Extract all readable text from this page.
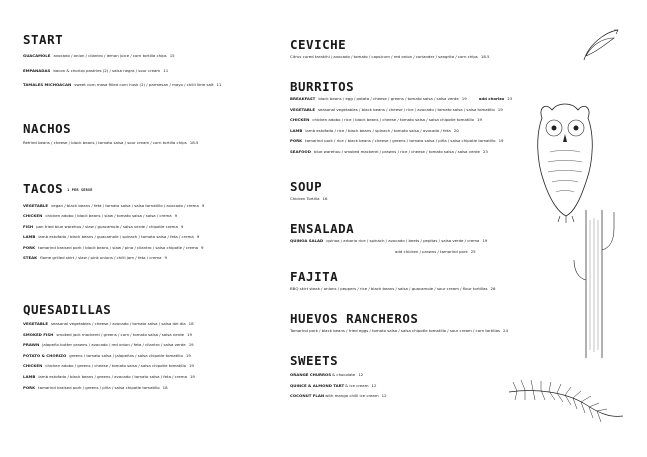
START
GUACAMOLE avocado / onion / cilantro / lemon juice / corn tortilla chips 15
EMPANADAS bacon & chorizo pastries (2) / salsa negra / sour cream 11
TAMALES MICHOACAN sweet corn masa filled corn husk (2) / parmesan / mayo / chilli lime salt 11
NACHOS
Refried beans / cheese / black beans / tomato salsa / sour cream / corn tortilla chips 18.5
TACOS 1 PER SERVE
VEGETABLE vegan / black beans / feta / tomato salsa / salsa tomatillo / avocado / crema 9
CHICKEN chicken adobo / black beans / slaw / tomato salsa / salsa / crema 9
FISH pan fried blue warehou / slaw / guacamole / salsa verde / chipotle crema 9
LAMB lamb estofado / black beans / guacamole / spinach / tomato salsa / feta / crema 9
PORK tamarind braised pork / black beans / slaw / pina / cilantro / salsa chipotle / crema 9
STEAK flame grilled skirt / slaw / pink onions / chilli jam / feta / crema 9
QUESADILLAS
VEGETABLE seasonal vegetables / cheese / avocado / tomato salsa / salsa del dia 18
SMOKED FISH smoked jack mackerel / greens / corn / tomato salsa / salsa verde 19
PRAWN jalapeño butter prawns / avocado / red onion / feta / cilantro / salsa verde 19
POTATO & CHORIZO greens / tomato salsa / jalapeños / salsa chipotle tomatillo 19
CHICKEN chicken adobo / greens / cheese / tomato salsa / salsa chipotle tomatillo 19
LAMB lamb estofado / black beans / greens / avocado / tomato salsa / feta / crema 19
PORK tamarind braised pork / greens / piña / salsa chipotle tomatillo 18
CEVICHE
Citrus cured tarakihi / avocado / tomato / capsicum / red onion / coriander / sangrita / corn chips 18.5
BURRITOS
BREAKFAST black beans / egg / potato / cheese / greens / tomato salsa / salsa verde 19	add chorizo 23
VEGETABLE seasonal vegetables / black beans / cheese / rice / avocado / tomato salsa / salsa tomatillo 19
CHICKEN chicken adobo / rice / black beans / cheese / tomato salsa / salsa chipotle tomatillo 19
LAMB lamb estofado / rice / black beans / spinach / tomato salsa / avocado / feta 20
PORK tamarind pork / rice / black beans / cheese / greens / tomato salsa / piña / salsa chipotle tomatillo 19
SEAFOOD blue warehou / smoked mackerel / prawns / rice / cheese / tomato salsa / salsa verde 23
SOUP
Chicken Tortilla 16
ENSALADA
QUINOA SALAD quinoa / arborio rice / spinach / avocado / beets / pepitas / salsa verde / crema 19
add chicken / prawns / tamarind pork 25
FAJITA
BBQ skirt steak / onions / peppers / rice / black beans / salsa / guacamole / sour cream / flour tortillas 26
HUEVOS RANCHEROS
Tamarind pork / black beans / fried eggs / tomato salsa / salsa chipotle tomatillo / sour cream / corn tortillas 24
SWEETS
ORANGE CHURROS& chocolate 12
QUINCE & ALMOND TART& ice cream 12
COCONUT FLANwith mango chilli ice cream 12
